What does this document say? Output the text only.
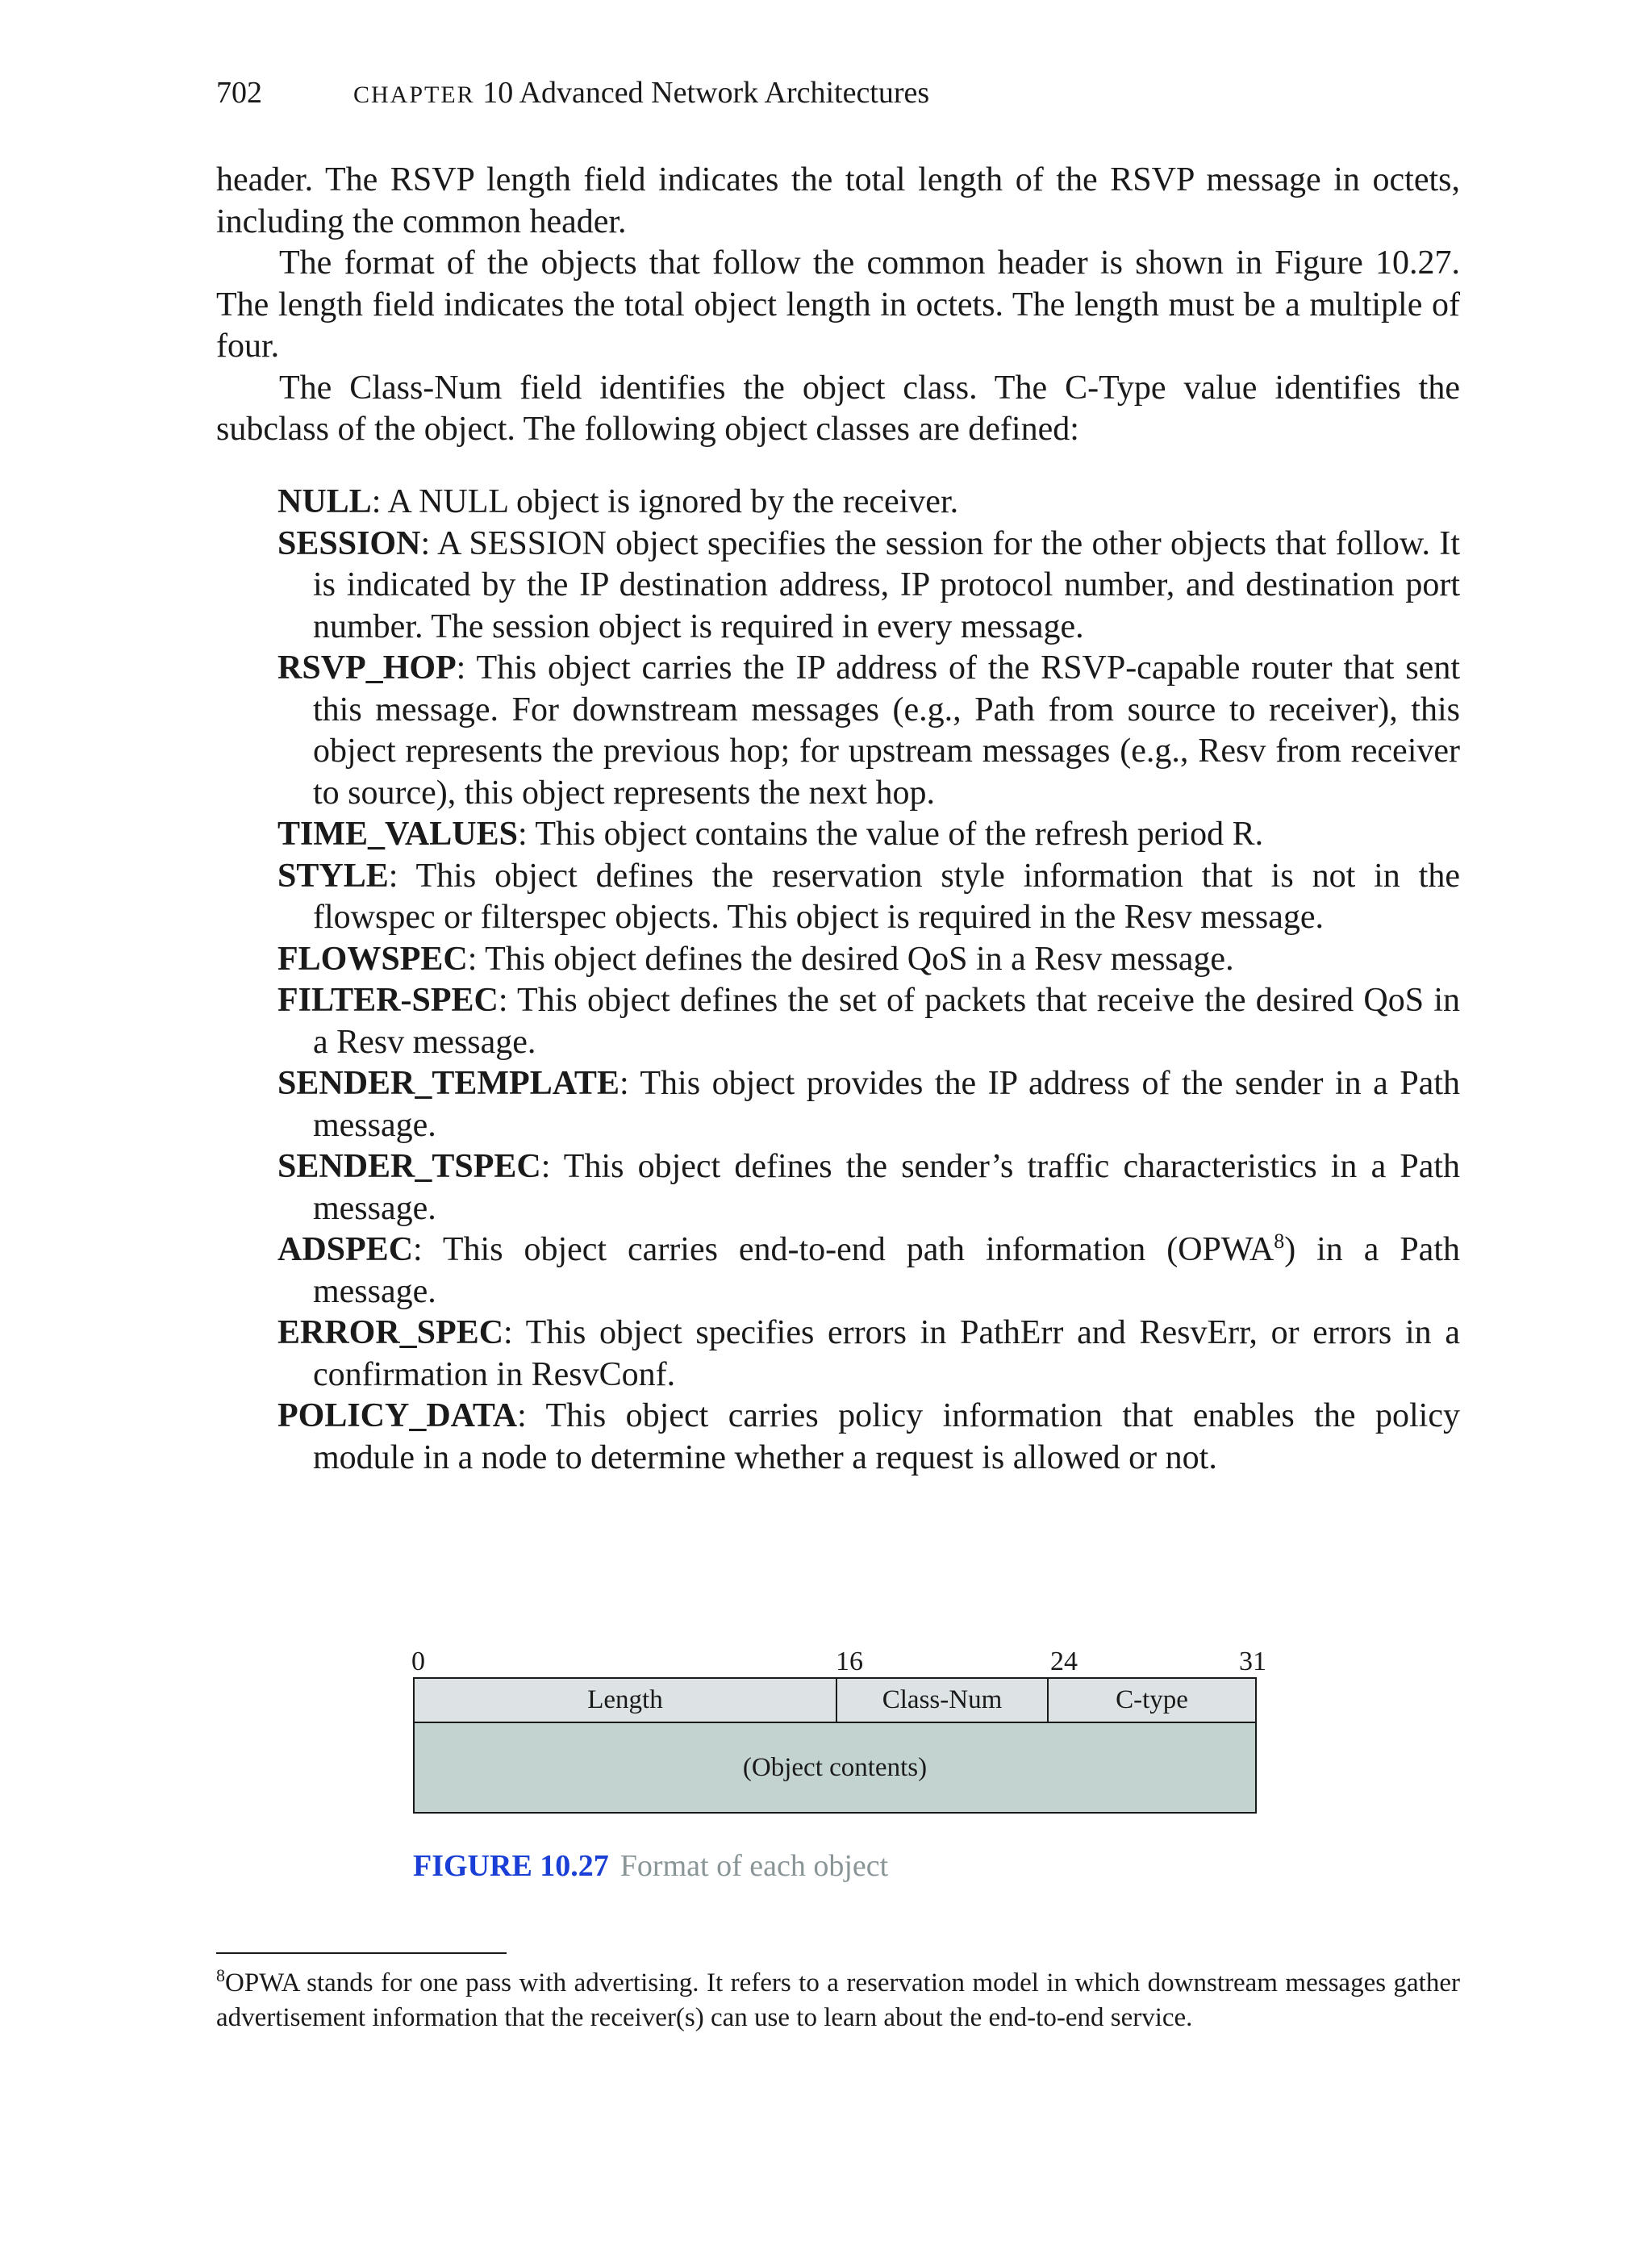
702	CHAPTER 10 Advanced Network Architectures

header. The RSVP length field indicates the total length of the RSVP message in octets, including the common header.

The format of the objects that follow the common header is shown in Figure 10.27. The length field indicates the total object length in octets. The length must be a multiple of four.

The Class-Num field identifies the object class. The C-Type value identifies the subclass of the object. The following object classes are defined:

NULL: A NULL object is ignored by the receiver.

SESSION: A SESSION object specifies the session for the other objects that follow. It is indicated by the IP destination address, IP protocol number, and destination port number. The session object is required in every message.

RSVP_HOP: This object carries the IP address of the RSVP-capable router that sent this message. For downstream messages (e.g., Path from source to receiver), this object represents the previous hop; for upstream messages (e.g., Resv from receiver to source), this object represents the next hop.

TIME_VALUES: This object contains the value of the refresh period R.

STYLE: This object defines the reservation style information that is not in the flowspec or filterspec objects. This object is required in the Resv message.

FLOWSPEC: This object defines the desired QoS in a Resv message.

FILTER-SPEC: This object defines the set of packets that receive the desired QoS in a Resv message.

SENDER_TEMPLATE: This object provides the IP address of the sender in a Path message.

SENDER_TSPEC: This object defines the sender’s traffic characteristics in a Path message.

ADSPEC: This object carries end-to-end path information (OPWA$^8$) in a Path message.

ERROR_SPEC: This object specifies errors in PathErr and ResvErr, or errors in a confirmation in ResvConf.

POLICY_DATA: This object carries policy information that enables the policy module in a node to determine whether a request is allowed or not.

0	16	24	31
Length	Class-Num	C-type
(Object contents)
FIGURE 10.27 Format of each object
$^8$OPWA stands for one pass with advertising. It refers to a reservation model in which downstream messages gather advertisement information that the receiver(s) can use to learn about the end-to-end service.
